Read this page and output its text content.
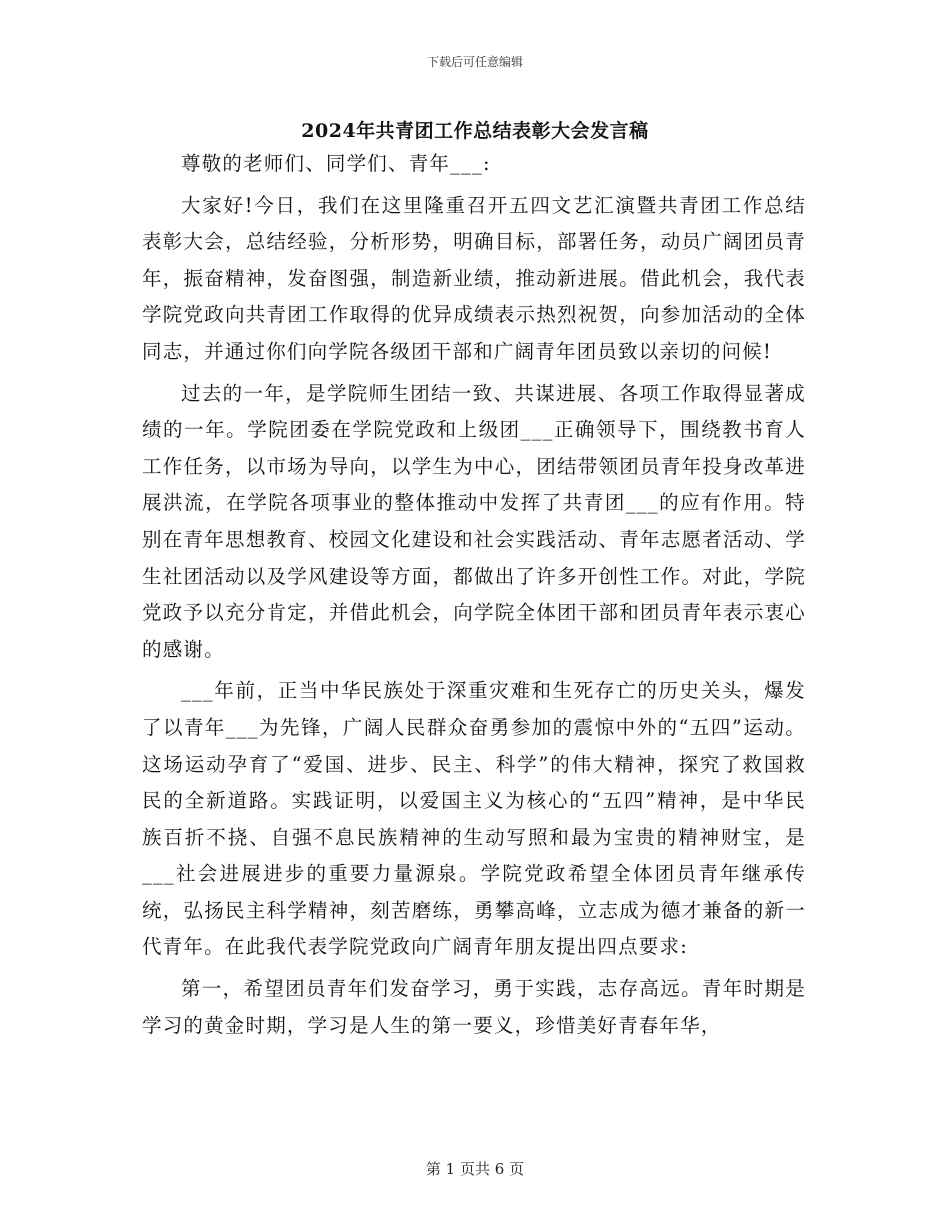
下载后可任意编辑
2024年共青团工作总结表彰大会发言稿

尊敬的老师们、同学们、青年___:

大家好!今日，我们在这里隆重召开五四文艺汇演暨共青团工作总结表彰大会，总结经验，分析形势，明确目标，部署任务，动员广阔团员青年，振奋精神，发奋图强，制造新业绩，推动新进展。借此机会，我代表学院党政向共青团工作取得的优异成绩表示热烈祝贺，向参加活动的全体同志，并通过你们向学院各级团干部和广阔青年团员致以亲切的问候!

过去的一年，是学院师生团结一致、共谋进展、各项工作取得显著成绩的一年。学院团委在学院党政和上级团___正确领导下，围绕教书育人工作任务，以市场为导向，以学生为中心，团结带领团员青年投身改革进展洪流，在学院各项事业的整体推动中发挥了共青团___的应有作用。特别在青年思想教育、校园文化建设和社会实践活动、青年志愿者活动、学生社团活动以及学风建设等方面，都做出了许多开创性工作。对此，学院党政予以充分肯定，并借此机会，向学院全体团干部和团员青年表示衷心的感谢。

___年前，正当中华民族处于深重灾难和生死存亡的历史关头，爆发了以青年___为先锋，广阔人民群众奋勇参加的震惊中外的“五四”运动。这场运动孕育了“爱国、进步、民主、科学”的伟大精神，探究了救国救民的全新道路。实践证明，以爱国主义为核心的“五四”精神，是中华民族百折不挠、自强不息民族精神的生动写照和最为宝贵的精神财宝，是___社会进展进步的重要力量源泉。学院党政希望全体团员青年继承传统，弘扬民主科学精神，刻苦磨练，勇攀高峰，立志成为德才兼备的新一代青年。在此我代表学院党政向广阔青年朋友提出四点要求:

第一，希望团员青年们发奋学习，勇于实践，志存高远。青年时期是学习的黄金时期，学习是人生的第一要义，珍惜美好青春年华，

第 1 页共 6 页
